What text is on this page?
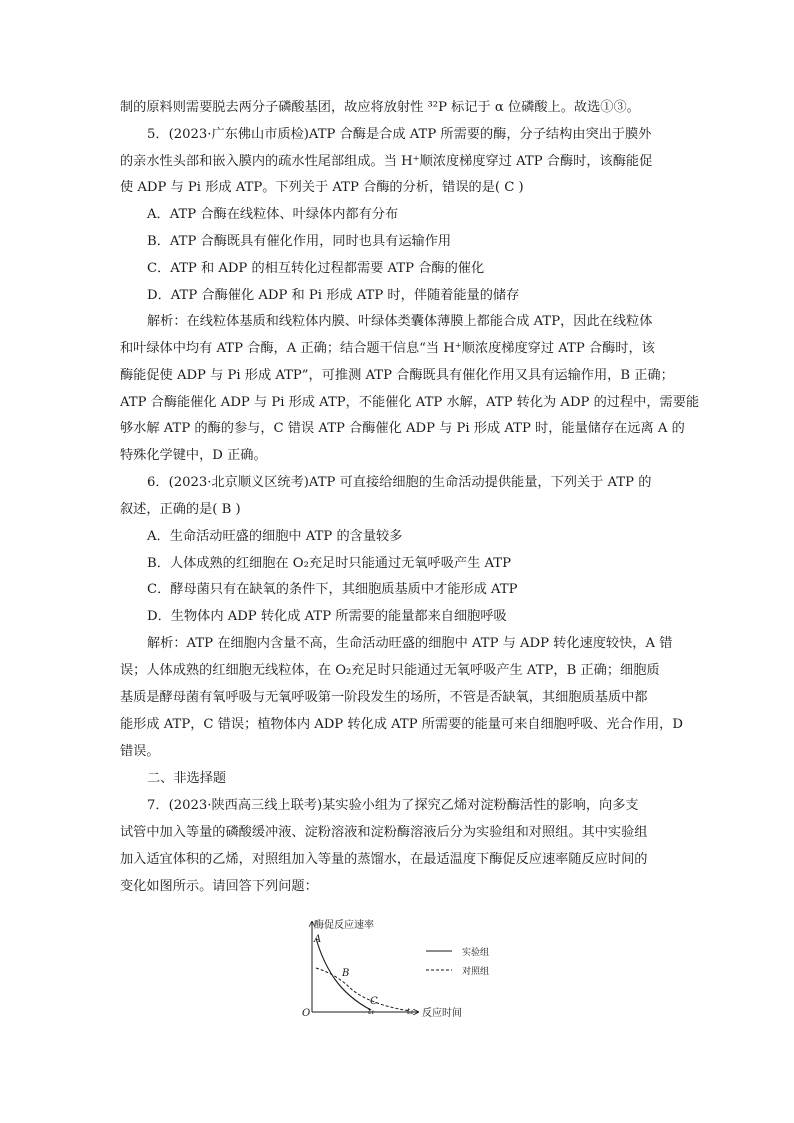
制的原料则需要脱去两分子磷酸基团，故应将放射性 ³²P 标记于 α 位磷酸上。故选①③。
5．(2023·广东佛山市质检)ATP 合酶是合成 ATP 所需要的酶，分子结构由突出于膜外
的亲水性头部和嵌入膜内的疏水性尾部组成。当 H⁺顺浓度梯度穿过 ATP 合酶时，该酶能促
使 ADP 与 Pi 形成 ATP。下列关于 ATP 合酶的分析，错误的是( C )
A．ATP 合酶在线粒体、叶绿体内都有分布
B．ATP 合酶既具有催化作用，同时也具有运输作用
C．ATP 和 ADP 的相互转化过程都需要 ATP 合酶的催化
D．ATP 合酶催化 ADP 和 Pi 形成 ATP 时，伴随着能量的储存
解析：在线粒体基质和线粒体内膜、叶绿体类囊体薄膜上都能合成 ATP，因此在线粒体
和叶绿体中均有 ATP 合酶，A 正确；结合题干信息“当 H⁺顺浓度梯度穿过 ATP 合酶时，该
酶能促使 ADP 与 Pi 形成 ATP”，可推测 ATP 合酶既具有催化作用又具有运输作用，B 正确；
ATP 合酶能催化 ADP 与 Pi 形成 ATP，不能催化 ATP 水解，ATP 转化为 ADP 的过程中，需要能
够水解 ATP 的酶的参与，C 错误 ATP 合酶催化 ADP 与 Pi 形成 ATP 时，能量储存在远离 A 的
特殊化学键中，D 正确。
6．(2023·北京顺义区统考)ATP 可直接给细胞的生命活动提供能量，下列关于 ATP 的
叙述，正确的是( B )
A．生命活动旺盛的细胞中 ATP 的含量较多
B．人体成熟的红细胞在 O₂充足时只能通过无氧呼吸产生 ATP
C．酵母菌只有在缺氧的条件下，其细胞质基质中才能形成 ATP
D．生物体内 ADP 转化成 ATP 所需要的能量都来自细胞呼吸
解析：ATP 在细胞内含量不高，生命活动旺盛的细胞中 ATP 与 ADP 转化速度较快，A 错
误；人体成熟的红细胞无线粒体，在 O₂充足时只能通过无氧呼吸产生 ATP，B 正确；细胞质
基质是酵母菌有氧呼吸与无氧呼吸第一阶段发生的场所，不管是否缺氧，其细胞质基质中都
能形成 ATP，C 错误；植物体内 ADP 转化成 ATP 所需要的能量可来自细胞呼吸、光合作用，D
错误。
二、非选择题
7．(2023·陕西高三线上联考)某实验小组为了探究乙烯对淀粉酶活性的影响，向多支
试管中加入等量的磷酸缓冲液、淀粉溶液和淀粉酶溶液后分为实验组和对照组。其中实验组
加入适宜体积的乙烯，对照组加入等量的蒸馏水，在最适温度下酶促反应速率随反应时间的
变化如图所示。请回答下列问题：
酶促反应速率
反应时间
O	t₁	t₂
A
B
C
实验组
对照组
